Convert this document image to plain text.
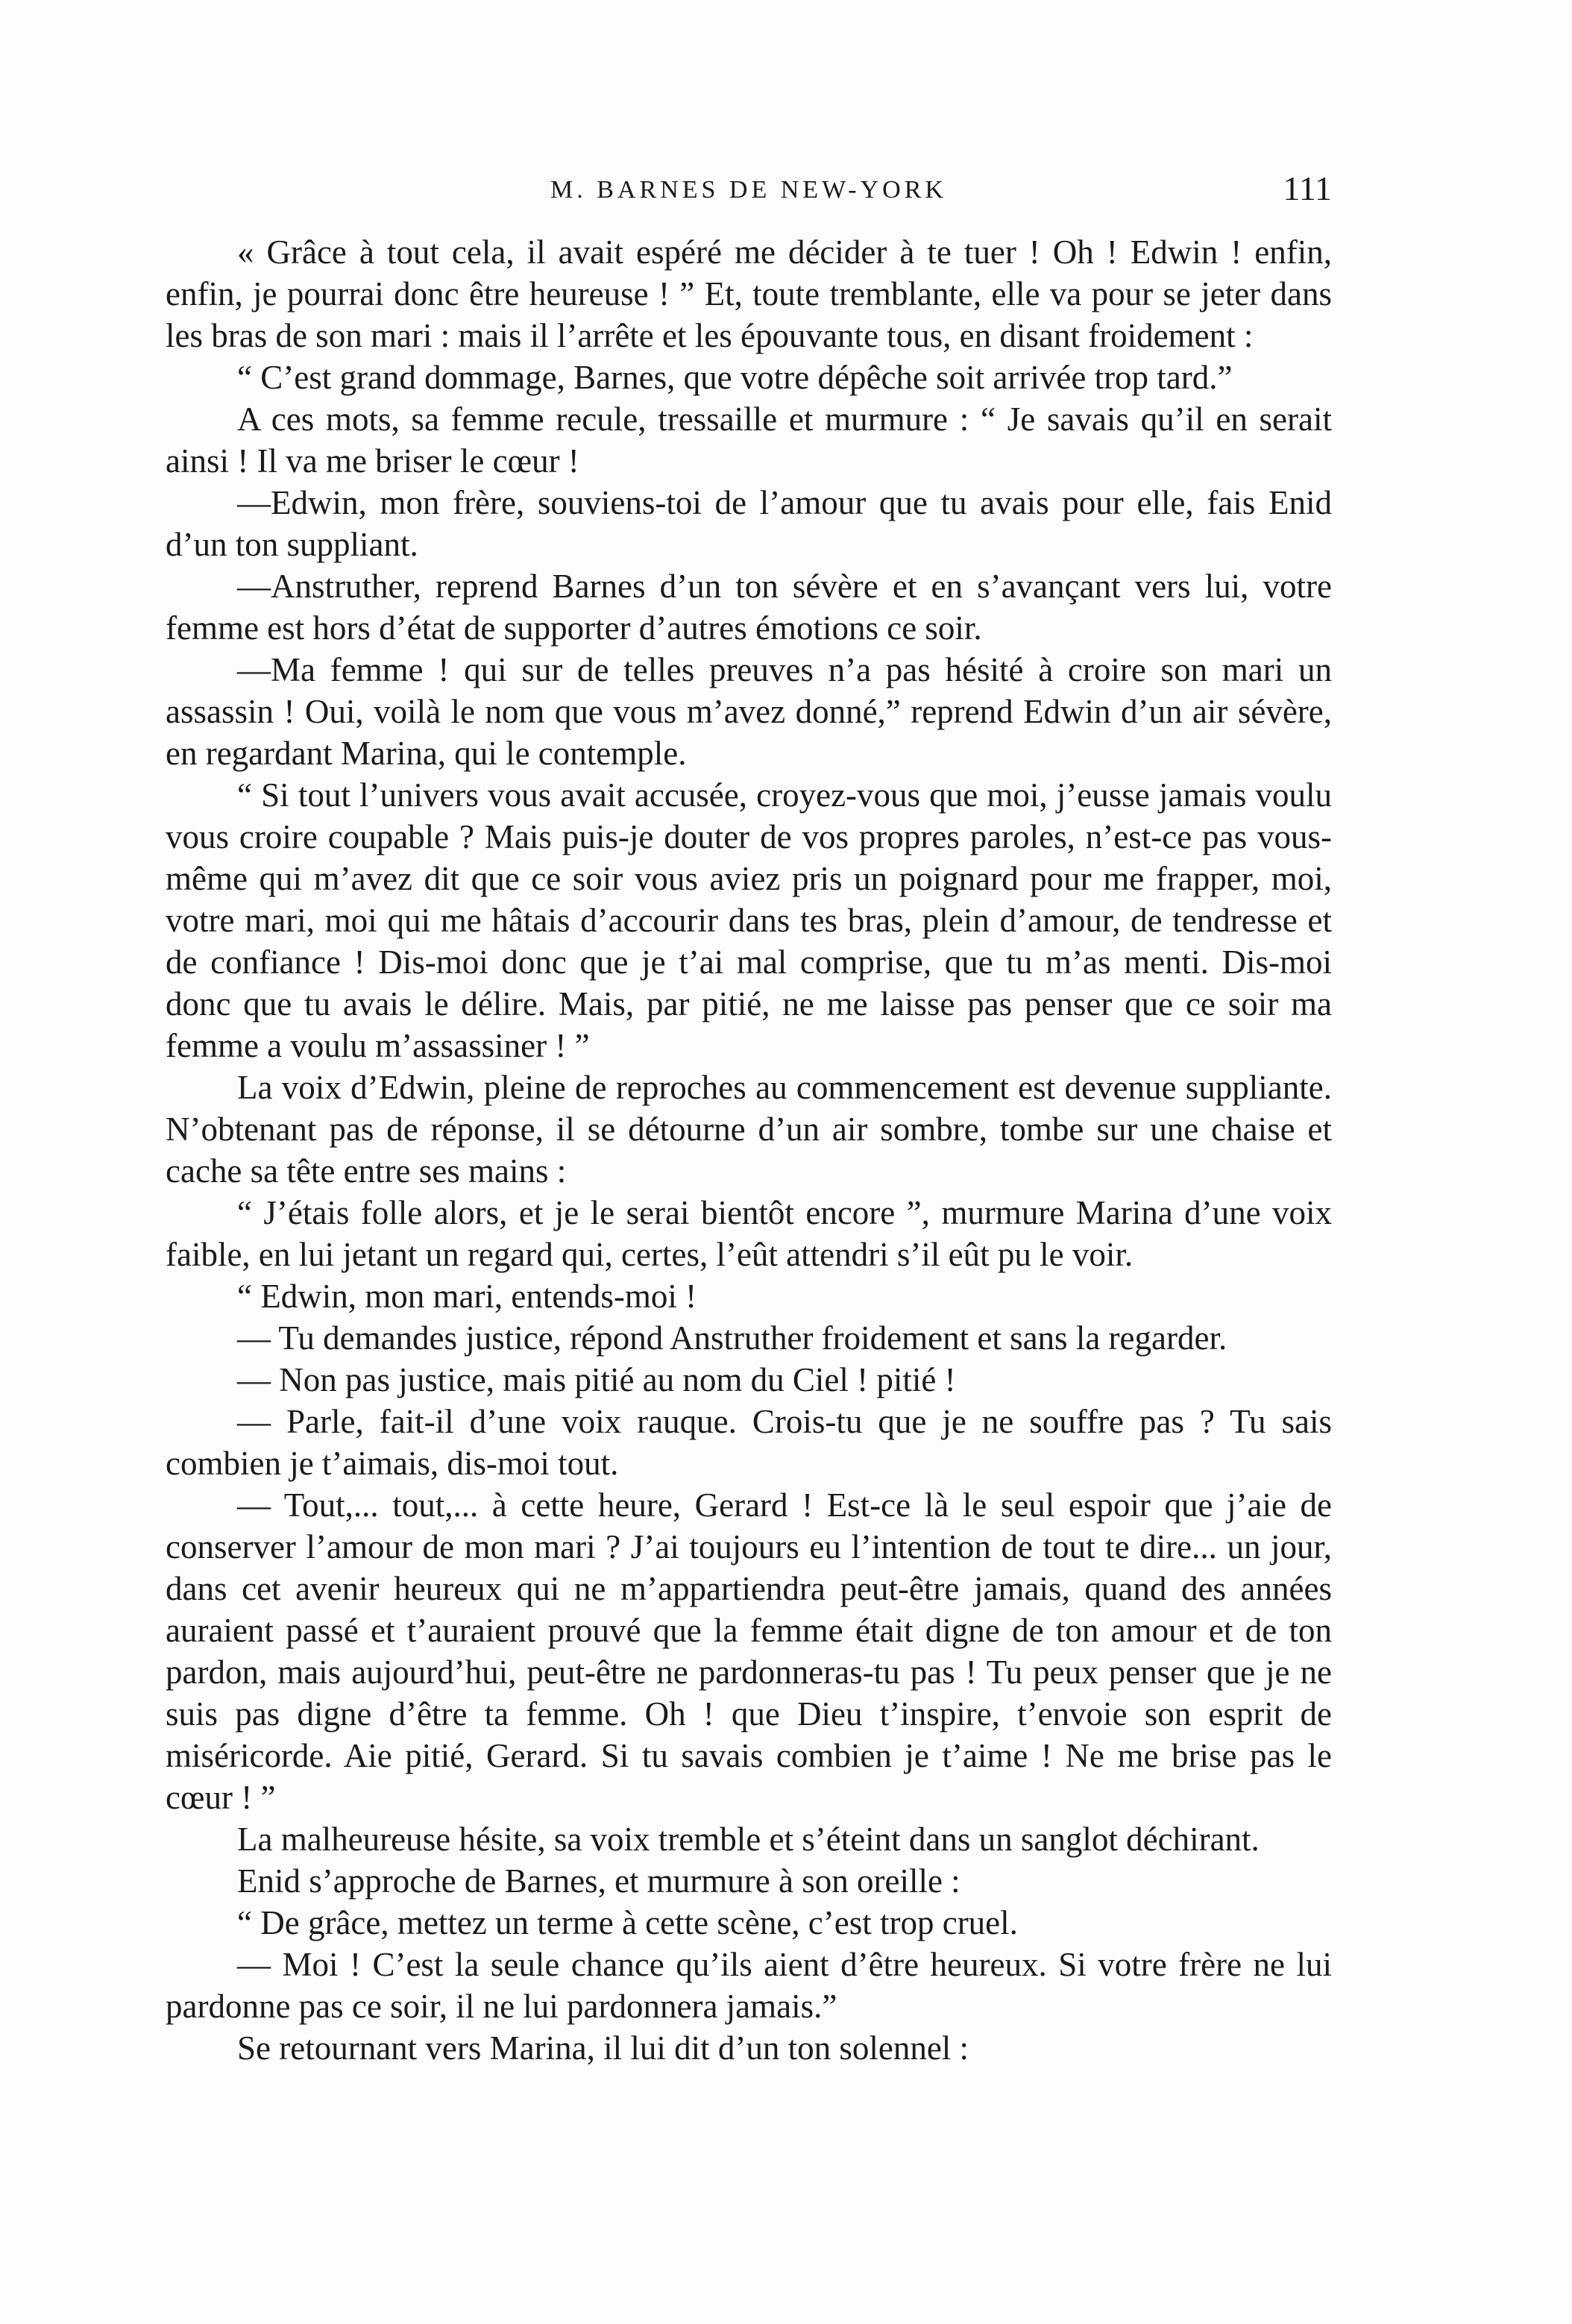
M. BARNES DE NEW-YORK	111

« Grâce à tout cela, il avait espéré me décider à te tuer ! Oh ! Edwin ! enfin, enfin, je pourrai donc être heureuse ! ” Et, toute tremblante, elle va pour se jeter dans les bras de son mari : mais il l’arrête et les épouvante tous, en disant froidement :

“ C’est grand dommage, Barnes, que votre dépêche soit arrivée trop tard.”

A ces mots, sa femme recule, tressaille et murmure : “ Je savais qu’il en serait ainsi ! Il va me briser le cœur !

—Edwin, mon frère, souviens-toi de l’amour que tu avais pour elle, fais Enid d’un ton suppliant.

—Anstruther, reprend Barnes d’un ton sévère et en s’avançant vers lui, votre femme est hors d’état de supporter d’autres émotions ce soir.

—Ma femme ! qui sur de telles preuves n’a pas hésité à croire son mari un assassin ! Oui, voilà le nom que vous m’avez donné,” reprend Edwin d’un air sévère, en regardant Marina, qui le contemple.

“ Si tout l’univers vous avait accusée, croyez-vous que moi, j’eusse jamais voulu vous croire coupable ? Mais puis-je douter de vos propres paroles, n’est-ce pas vous-même qui m’avez dit que ce soir vous aviez pris un poignard pour me frapper, moi, votre mari, moi qui me hâtais d’accourir dans tes bras, plein d’amour, de tendresse et de confiance ! Dis-moi donc que je t’ai mal comprise, que tu m’as menti. Dis-moi donc que tu avais le délire. Mais, par pitié, ne me laisse pas penser que ce soir ma femme a voulu m’assassiner ! ”

La voix d’Edwin, pleine de reproches au commencement est devenue suppliante. N’obtenant pas de réponse, il se détourne d’un air sombre, tombe sur une chaise et cache sa tête entre ses mains :

“ J’étais folle alors, et je le serai bientôt encore ”, murmure Marina d’une voix faible, en lui jetant un regard qui, certes, l’eût attendri s’il eût pu le voir.

“ Edwin, mon mari, entends-moi !

— Tu demandes justice, répond Anstruther froidement et sans la regarder.

— Non pas justice, mais pitié au nom du Ciel ! pitié !

— Parle, fait-il d’une voix rauque. Crois-tu que je ne souffre pas ? Tu sais combien je t’aimais, dis-moi tout.

— Tout,... tout,... à cette heure, Gerard ! Est-ce là le seul espoir que j’aie de conserver l’amour de mon mari ? J’ai toujours eu l’intention de tout te dire... un jour, dans cet avenir heureux qui ne m’appartiendra peut-être jamais, quand des années auraient passé et t’auraient prouvé que la femme était digne de ton amour et de ton pardon, mais aujourd’hui, peut-être ne pardonneras-tu pas ! Tu peux penser que je ne suis pas digne d’être ta femme. Oh ! que Dieu t’inspire, t’envoie son esprit de miséricorde. Aie pitié, Gerard. Si tu savais combien je t’aime ! Ne me brise pas le cœur ! ”

La malheureuse hésite, sa voix tremble et s’éteint dans un sanglot déchirant.

Enid s’approche de Barnes, et murmure à son oreille :

“ De grâce, mettez un terme à cette scène, c’est trop cruel.

— Moi ! C’est la seule chance qu’ils aient d’être heureux. Si votre frère ne lui pardonne pas ce soir, il ne lui pardonnera jamais.”

Se retournant vers Marina, il lui dit d’un ton solennel :
